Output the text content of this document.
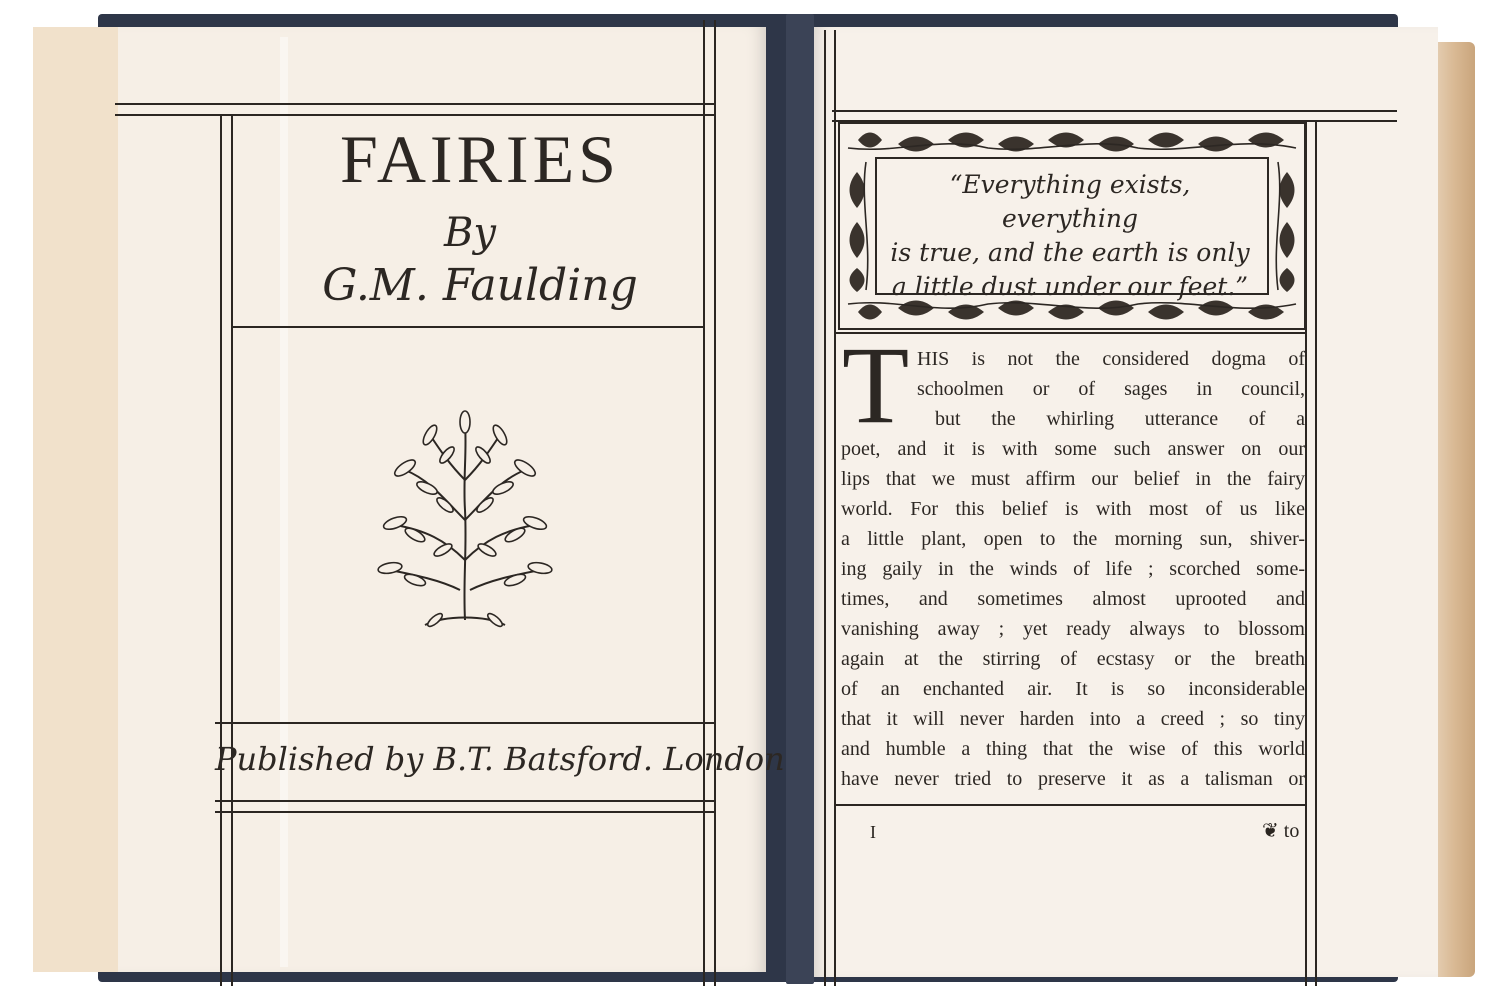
FAIRIES
By
G.M. Faulding
Published by B.T. Batsford. London
“Everything exists, everything
is true, and the earth is only
a little dust under our feet.”
T HIS is not the considered dogma of
schoolmen or of sages in council,
but the whirling utterance of a
poet, and it is with some such answer on our
lips that we must affirm our belief in the fairy
world. For this belief is with most of us like
a little plant, open to the morning sun, shiver-
ing gaily in the winds of life ; scorched some-
times, and sometimes almost uprooted and
vanishing away ; yet ready always to blossom
again at the stirring of ecstasy or the breath
of an enchanted air. It is so inconsiderable
that it will never harden into a creed ; so tiny
and humble a thing that the wise of this world
have never tried to preserve it as a talisman or
I	❦ to
